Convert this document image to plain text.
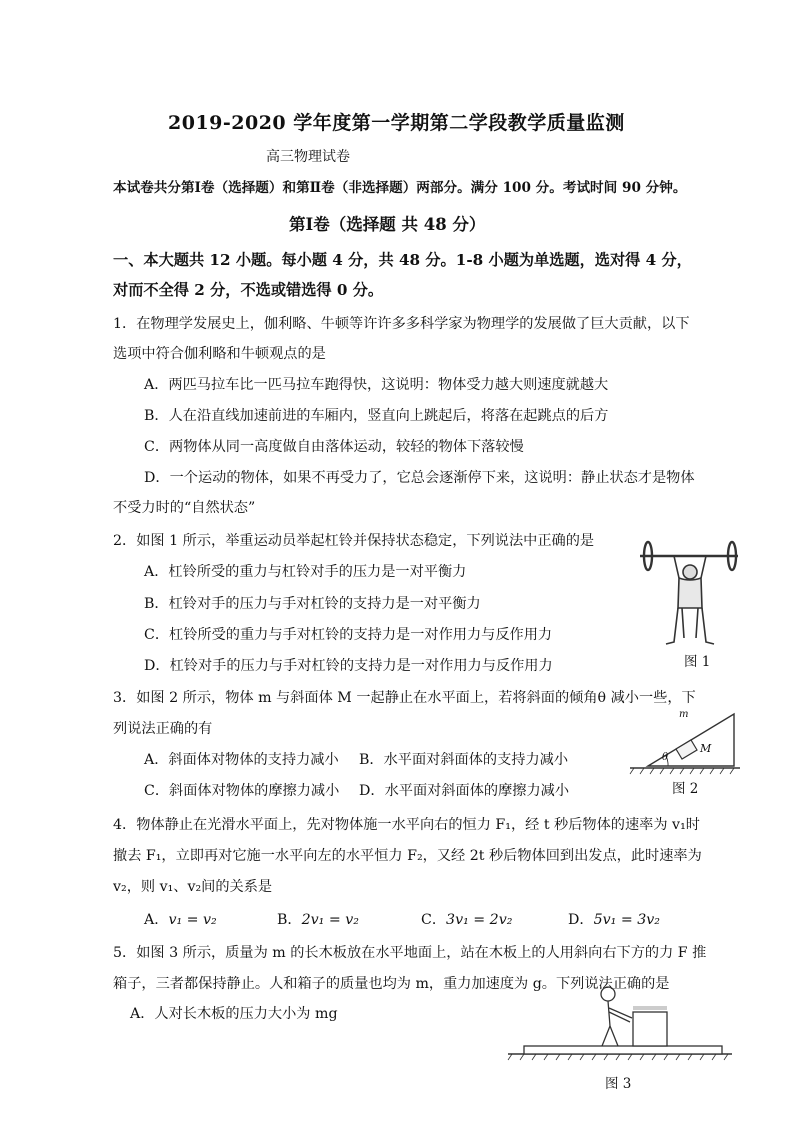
2019-2020 学年度第一学期第二学段教学质量监测
高三物理试卷
本试卷共分第Ⅰ卷（选择题）和第Ⅱ卷（非选择题）两部分。满分 100 分。考试时间 90 分钟。
第Ⅰ卷（选择题 共 48 分）
一、本大题共 12 小题。每小题 4 分，共 48 分。1-8 小题为单选题，选对得 4 分，
对而不全得 2 分，不选或错选得 0 分。
1．在物理学发展史上，伽利略、牛顿等许许多多科学家为物理学的发展做了巨大贡献，以下
选项中符合伽利略和牛顿观点的是
A．两匹马拉车比一匹马拉车跑得快，这说明：物体受力越大则速度就越大
B．人在沿直线加速前进的车厢内，竖直向上跳起后，将落在起跳点的后方
C．两物体从同一高度做自由落体运动，较轻的物体下落较慢
D．一个运动的物体，如果不再受力了，它总会逐渐停下来，这说明：静止状态才是物体
不受力时的“自然状态”
2．如图 1 所示，举重运动员举起杠铃并保持状态稳定，下列说法中正确的是
A．杠铃所受的重力与杠铃对手的压力是一对平衡力
B．杠铃对手的压力与手对杠铃的支持力是一对平衡力
C．杠铃所受的重力与手对杠铃的支持力是一对作用力与反作用力
D．杠铃对手的压力与手对杠铃的支持力是一对作用力与反作用力	图 1
3．如图 2 所示，物体 m 与斜面体 M 一起静止在水平面上，若将斜面的倾角θ 减小一些，下
列说法正确的有
A．斜面体对物体的支持力减小 B．水平面对斜面体的支持力减小
C．斜面体对物体的摩擦力减小 D．水平面对斜面体的摩擦力减小
m
M
θ
图 2
4．物体静止在光滑水平面上，先对物体施一水平向右的恒力 F₁，经 t 秒后物体的速率为 v₁时
撤去 F₁，立即再对它施一水平向左的水平恒力 F₂，又经 2t 秒后物体回到出发点，此时速率为
v₂，则 v₁、v₂间的关系是
A．v₁ = v₂	B．2v₁ = v₂	C．3v₁ = 2v₂	D．5v₁ = 3v₂
5．如图 3 所示，质量为 m 的长木板放在水平地面上，站在木板上的人用斜向右下方的力 F 推
箱子，三者都保持静止。人和箱子的质量也均为 m，重力加速度为 g。下列说法正确的是
A．人对长木板的压力大小为 mg
图 3
